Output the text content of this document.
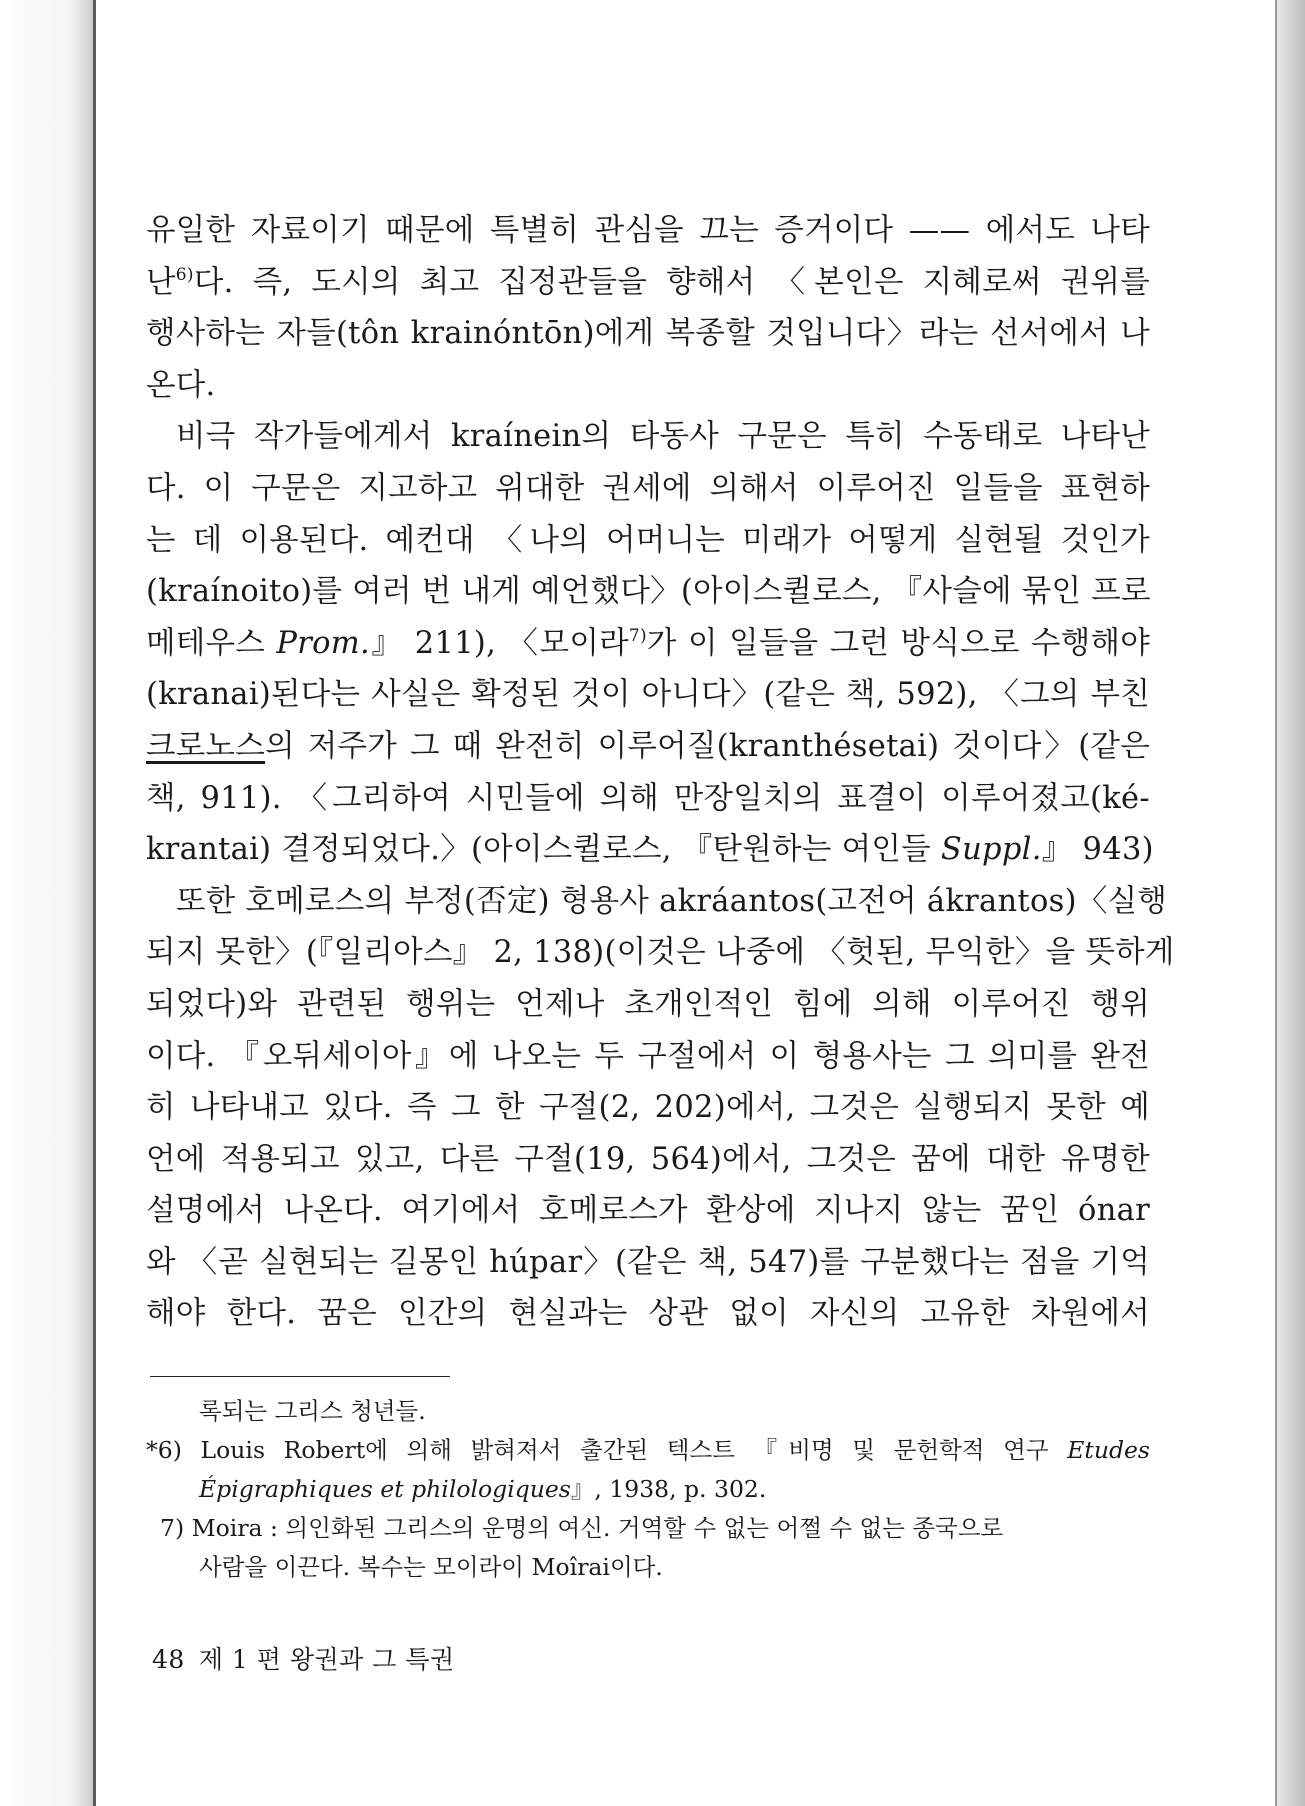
유일한 자료이기 때문에 특별히 관심을 끄는 증거이다 —— 에서도 나타
난$^{6)}$다. 즉, 도시의 최고 집정관들을 향해서 〈본인은 지혜로써 권위를
행사하는 자들(tôn krainóntōn)에게 복종할 것입니다〉라는 선서에서 나
온다.
비극 작가들에게서 kraínein의 타동사 구문은 특히 수동태로 나타난
다. 이 구문은 지고하고 위대한 권세에 의해서 이루어진 일들을 표현하
는 데 이용된다. 예컨대 〈나의 어머니는 미래가 어떻게 실현될 것인가
(kraínoito)를 여러 번 내게 예언했다〉(아이스퀼로스, 『사슬에 묶인 프로
메테우스 Prom.』 211), 〈모이라$^{7)}$가 이 일들을 그런 방식으로 수행해야
(kranai)된다는 사실은 확정된 것이 아니다〉(같은 책, 592), 〈그의 부친
크로노스의 저주가 그 때 완전히 이루어질(kranthésetai) 것이다〉(같은
책, 911). 〈그리하여 시민들에 의해 만장일치의 표결이 이루어졌고(ké-
krantai) 결정되었다.〉(아이스퀼로스, 『탄원하는 여인들 Suppl.』 943)
또한 호메로스의 부정(否定) 형용사 akráantos(고전어 ákrantos)〈실행
되지 못한〉(『일리아스』 2, 138)(이것은 나중에 〈헛된, 무익한〉을 뜻하게
되었다)와 관련된 행위는 언제나 초개인적인 힘에 의해 이루어진 행위
이다. 『오뒤세이아』에 나오는 두 구절에서 이 형용사는 그 의미를 완전
히 나타내고 있다. 즉 그 한 구절(2, 202)에서, 그것은 실행되지 못한 예
언에 적용되고 있고, 다른 구절(19, 564)에서, 그것은 꿈에 대한 유명한
설명에서 나온다. 여기에서 호메로스가 환상에 지나지 않는 꿈인 ónar
와 〈곧 실현되는 길몽인 húpar〉(같은 책, 547)를 구분했다는 점을 기억
해야 한다. 꿈은 인간의 현실과는 상관 없이 자신의 고유한 차원에서
록되는 그리스 청년들.
*6) Louis Robert에 의해 밝혀져서 출간된 텍스트 『비명 및 문헌학적 연구 Etudes
Épigraphiques et philologiques』, 1938, p. 302.
7) Moira : 의인화된 그리스의 운명의 여신. 거역할 수 없는 어쩔 수 없는 종국으로
사람을 이끈다. 복수는 모이라이 Moîrai이다.
48 제 1 편 왕권과 그 특권
